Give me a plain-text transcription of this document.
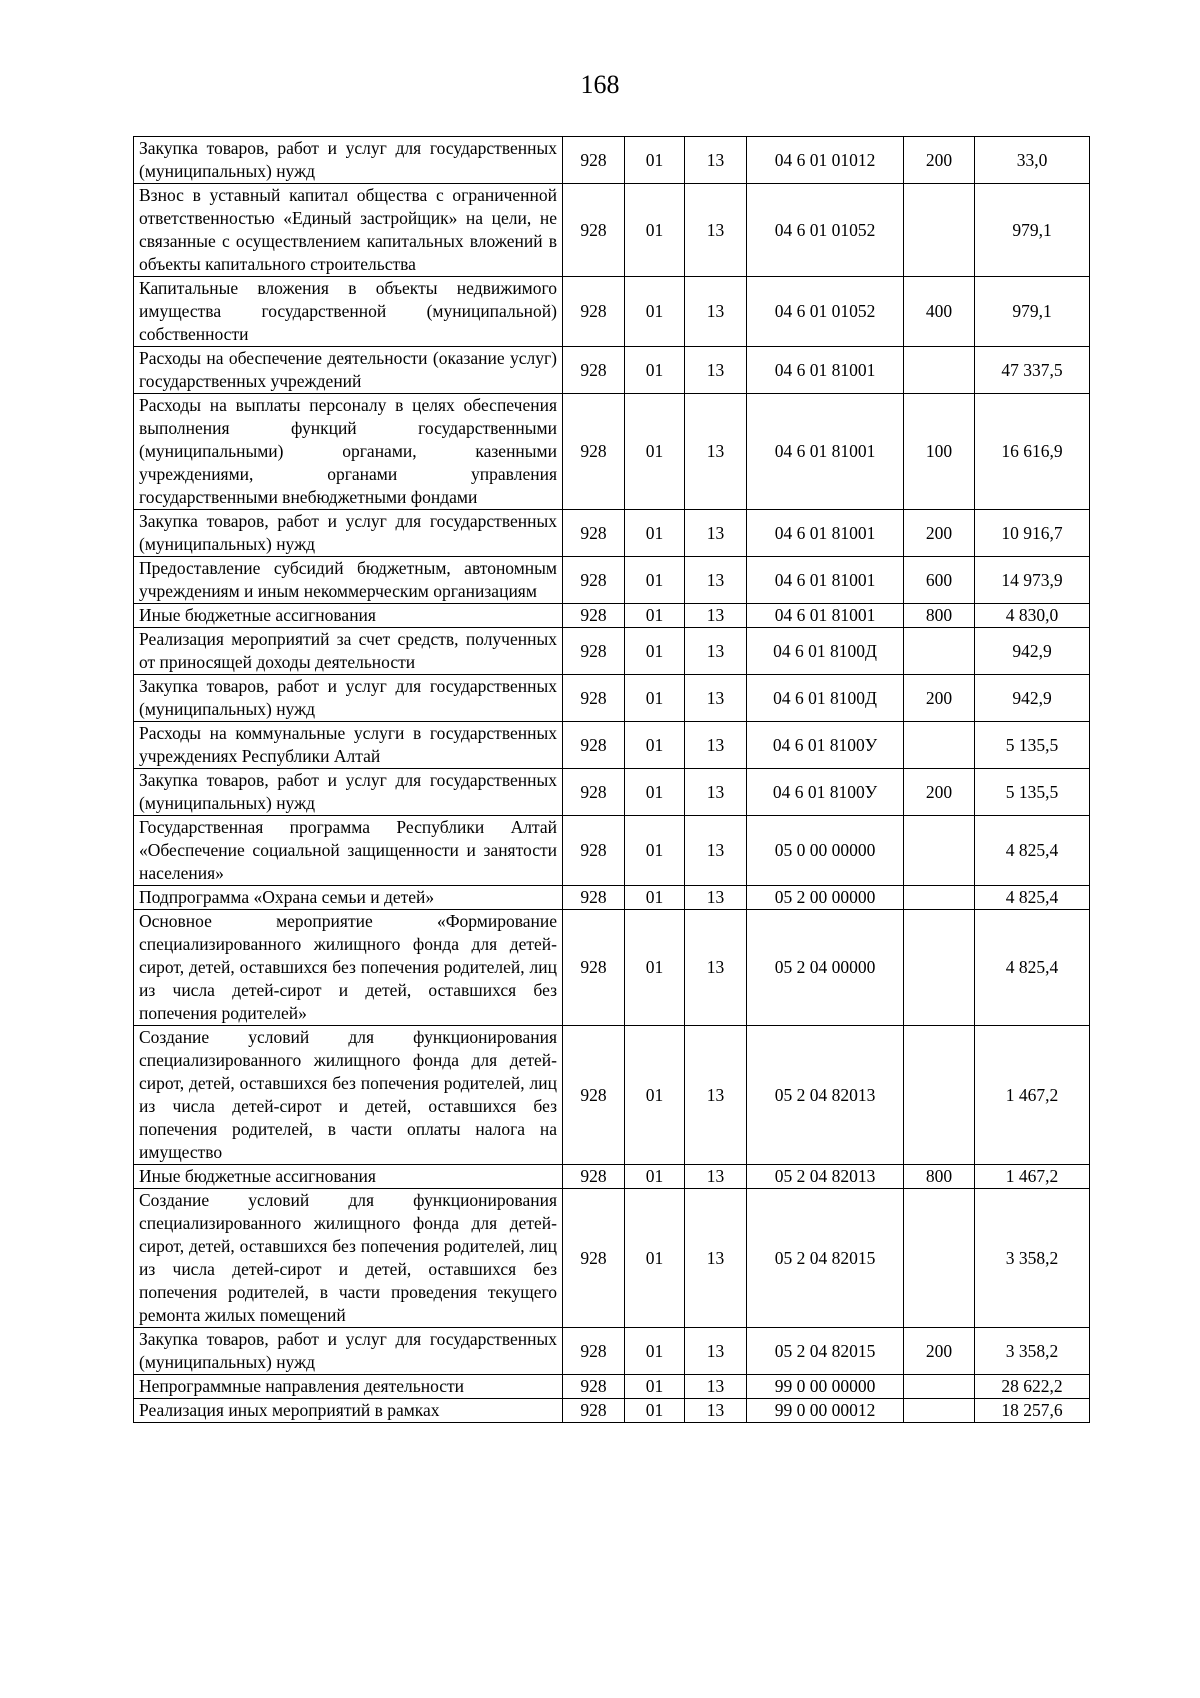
168
Закупка товаров, работ и услуг для государственных (муниципальных) нужд	928	01	13	04 6 01 01012	200	33,0
Взнос в уставный капитал общества с ограниченной ответственностью «Единый застройщик» на цели, не связанные с осуществлением капитальных вложений в объекты капитального строительства	928	01	13	04 6 01 01052		979,1
Капитальные вложения в объекты недвижимого имущества государственной (муниципальной) собственности	928	01	13	04 6 01 01052	400	979,1
Расходы на обеспечение деятельности (оказание услуг) государственных учреждений	928	01	13	04 6 01 81001		47 337,5
Расходы на выплаты персоналу в целях обеспечения выполнения функций государственными (муниципальными) органами, казенными учреждениями, органами управления государственными внебюджетными фондами	928	01	13	04 6 01 81001	100	16 616,9
Закупка товаров, работ и услуг для государственных (муниципальных) нужд	928	01	13	04 6 01 81001	200	10 916,7
Предоставление субсидий бюджетным, автономным учреждениям и иным некоммерческим организациям	928	01	13	04 6 01 81001	600	14 973,9
Иные бюджетные ассигнования	928	01	13	04 6 01 81001	800	4 830,0
Реализация мероприятий за счет средств, полученных от приносящей доходы деятельности	928	01	13	04 6 01 8100Д		942,9
Закупка товаров, работ и услуг для государственных (муниципальных) нужд	928	01	13	04 6 01 8100Д	200	942,9
Расходы на коммунальные услуги в государственных учреждениях Республики Алтай	928	01	13	04 6 01 8100У		5 135,5
Закупка товаров, работ и услуг для государственных (муниципальных) нужд	928	01	13	04 6 01 8100У	200	5 135,5
Государственная программа Республики Алтай «Обеспечение социальной защищенности и занятости населения»	928	01	13	05 0 00 00000		4 825,4
Подпрограмма «Охрана семьи и детей»	928	01	13	05 2 00 00000		4 825,4
Основное мероприятие «Формирование специализированного жилищного фонда для детей-сирот, детей, оставшихся без попечения родителей, лиц из числа детей-сирот и детей, оставшихся без попечения родителей»	928	01	13	05 2 04 00000		4 825,4
Создание условий для функционирования специализированного жилищного фонда для детей-сирот, детей, оставшихся без попечения родителей, лиц из числа детей-сирот и детей, оставшихся без попечения родителей, в части оплаты налога на имущество	928	01	13	05 2 04 82013		1 467,2
Иные бюджетные ассигнования	928	01	13	05 2 04 82013	800	1 467,2
Создание условий для функционирования специализированного жилищного фонда для детей-сирот, детей, оставшихся без попечения родителей, лиц из числа детей-сирот и детей, оставшихся без попечения родителей, в части проведения текущего ремонта жилых помещений	928	01	13	05 2 04 82015		3 358,2
Закупка товаров, работ и услуг для государственных (муниципальных) нужд	928	01	13	05 2 04 82015	200	3 358,2
Непрограммные направления деятельности	928	01	13	99 0 00 00000		28 622,2
Реализация иных мероприятий в рамках	928	01	13	99 0 00 00012		18 257,6
